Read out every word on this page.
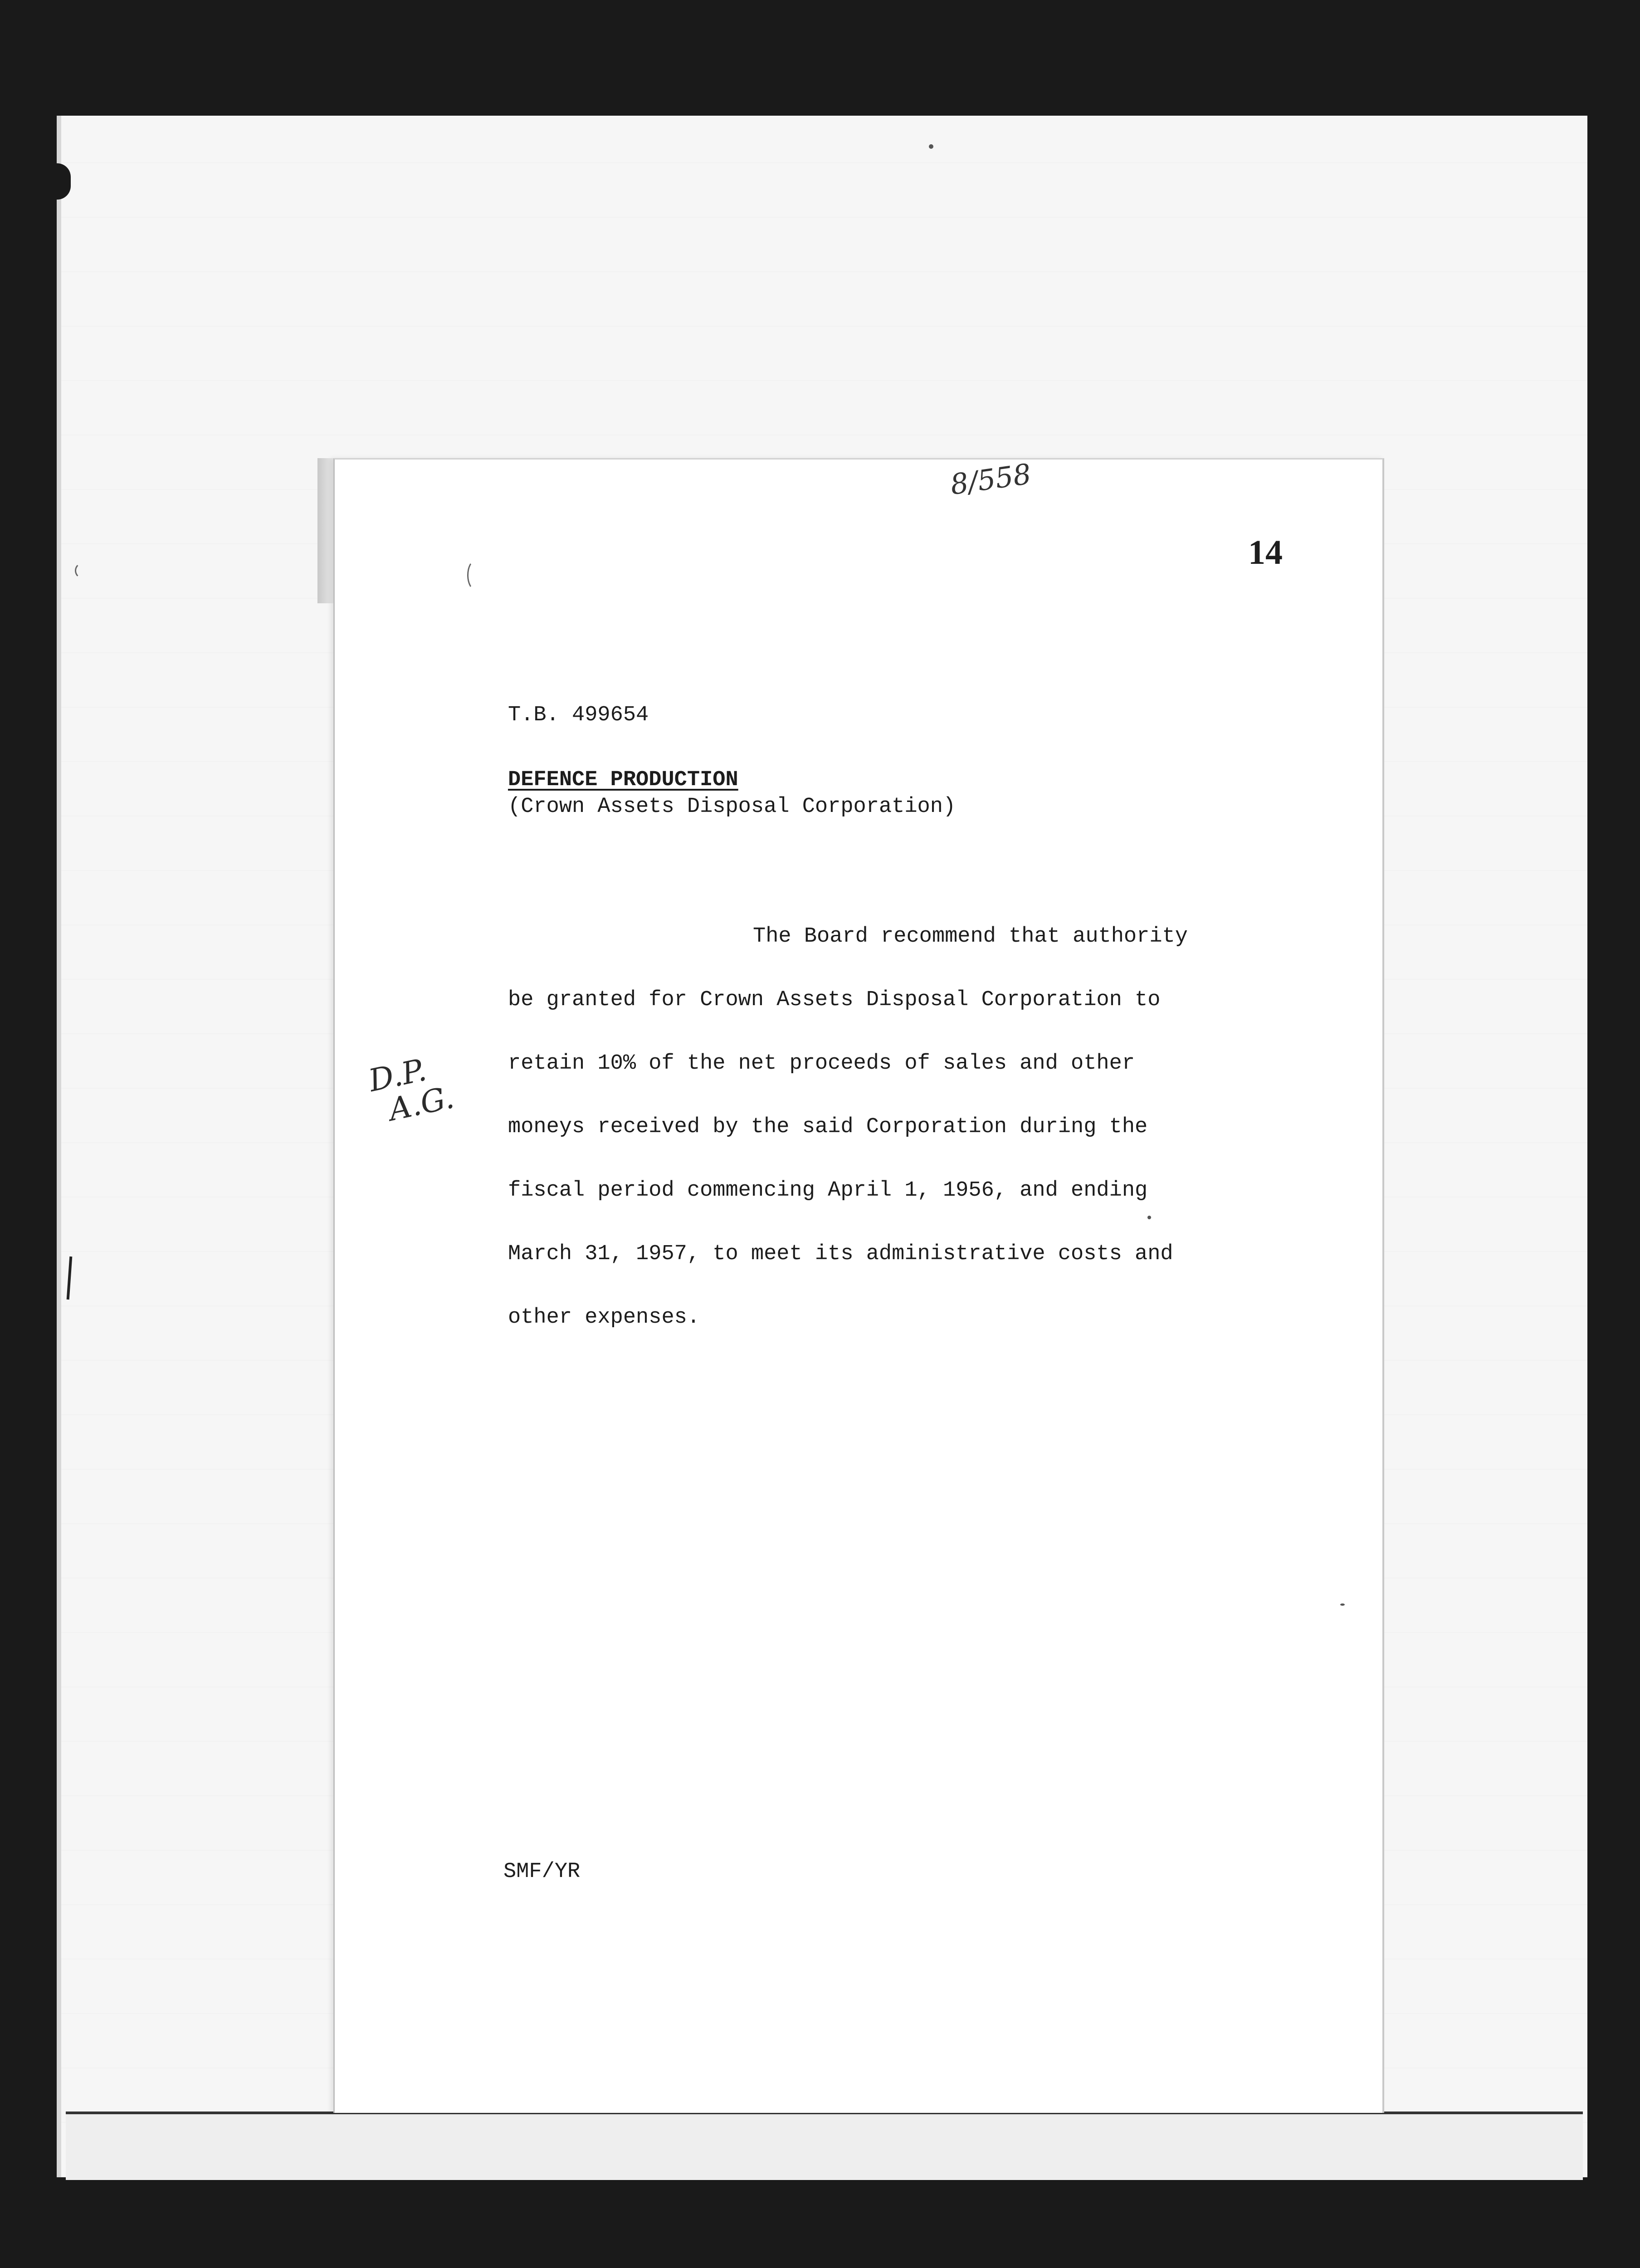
8/558
14
D.P.
A.G.
T.B. 499654
DEFENCE PRODUCTION
(Crown Assets Disposal Corporation)
The Board recommend that authority
be granted for Crown Assets Disposal Corporation to
retain 10% of the net proceeds of sales and other
moneys received by the said Corporation during the
fiscal period commencing April 1, 1956, and ending
March 31, 1957, to meet its administrative costs and
other expenses.
SMF/YR
